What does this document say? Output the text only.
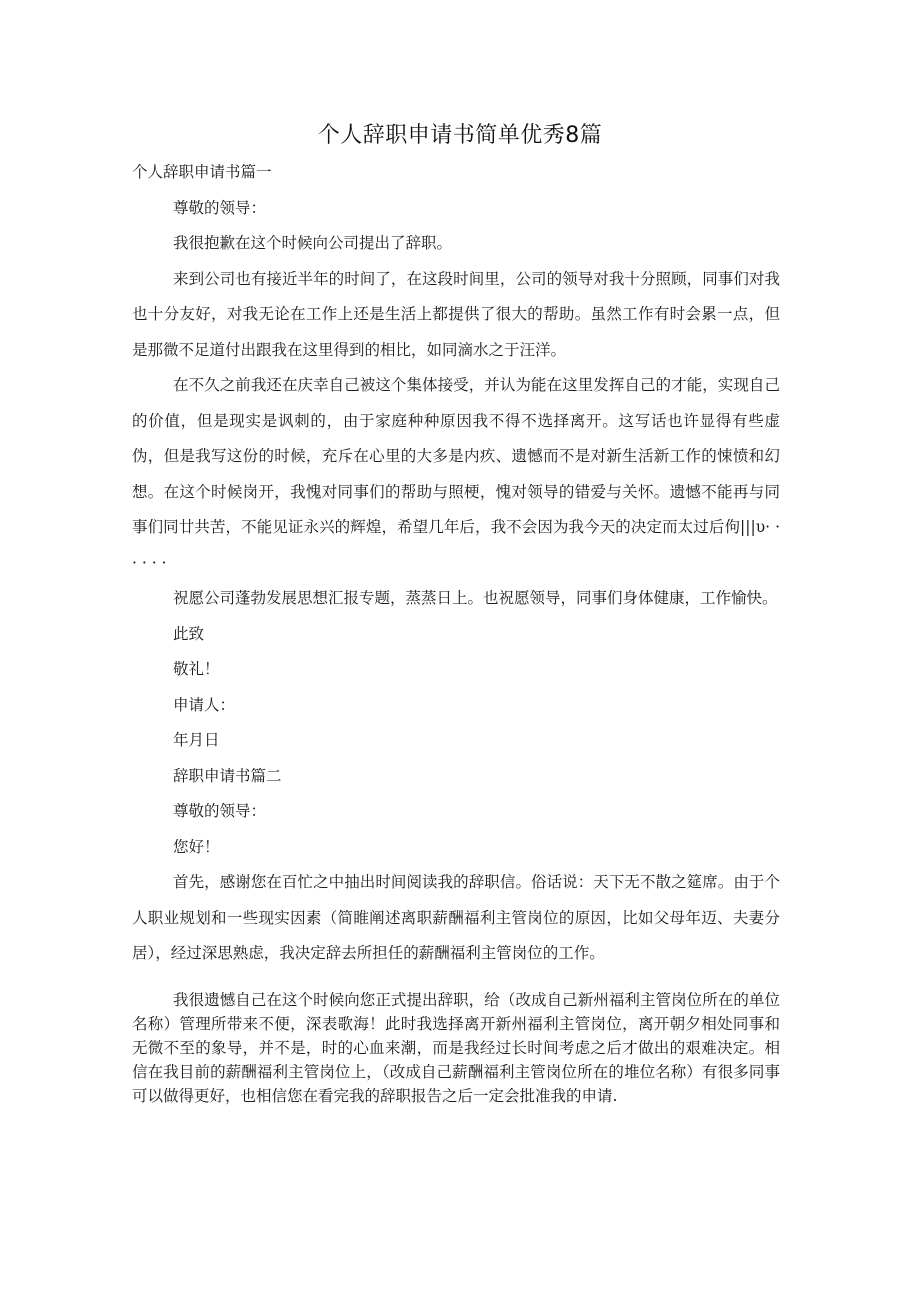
个人辞职申请书简单优秀8篇

个人辞职申请书篇一

尊敬的领导：

我很抱歉在这个时候向公司提出了辞职。

来到公司也有接近半年的时间了，在这段时间里，公司的领导对我十分照顾，同事们对我也十分友好，对我无论在工作上还是生活上都提供了很大的帮助。虽然工作有时会累一点，但是那微不足道付出跟我在这里得到的相比，如同滴水之于汪洋。

在不久之前我还在庆幸自己被这个集体接受，并认为能在这里发挥自己的才能，实现自己的价值，但是现实是讽刺的，由于家庭种种原因我不得不选择离开。这写话也许显得有些虚伪，但是我写这份的时候，充斥在心里的大多是内疚、遗憾而不是对新生活新工作的悚愤和幻想。在这个时候岗开，我愧对同事们的帮助与照梗，愧对领导的错爱与关怀。遗憾不能再与同事们同廿共苦，不能见证永兴的辉煌，希望几年后，我不会因为我今天的决定而太过后佝|||υ· · · · · ·

祝愿公司蓬勃发展思想汇报专题，蒸蒸日上。也祝愿领导，同事们身体健康，工作愉快。

此致

敬礼！

申请人：

年月日

辞职申请书篇二

尊敬的领导：

您好！

首先，感谢您在百忙之中抽出时间阅读我的辞职信。俗话说：天下无不散之筵席。由于个人职业规划和一些现实因素（简睢阐述离职薪酬福利主管岗位的原因，比如父母年迈、夫妻分居），经过深思熟虑，我决定辞去所担任的薪酬福利主管岗位的工作。

我很遗憾自己在这个时候向您正式提出辞职，给（改成自己新州福利主管岗位所在的单位名称）管理所带来不便，深表歌海！此时我选择离开新州福利主管岗位，离开朝夕相处同事和无微不至的象导，并不是，时的心血来潮，而是我经过长时间考虑之后才做出的艰难决定。相信在我目前的薪酬福利主管岗位上，（改成自己薪酬福利主管岗位所在的堆位名称）有很多同事可以做得更好，也相信您在看完我的辞职报告之后一定会批准我的申请.
